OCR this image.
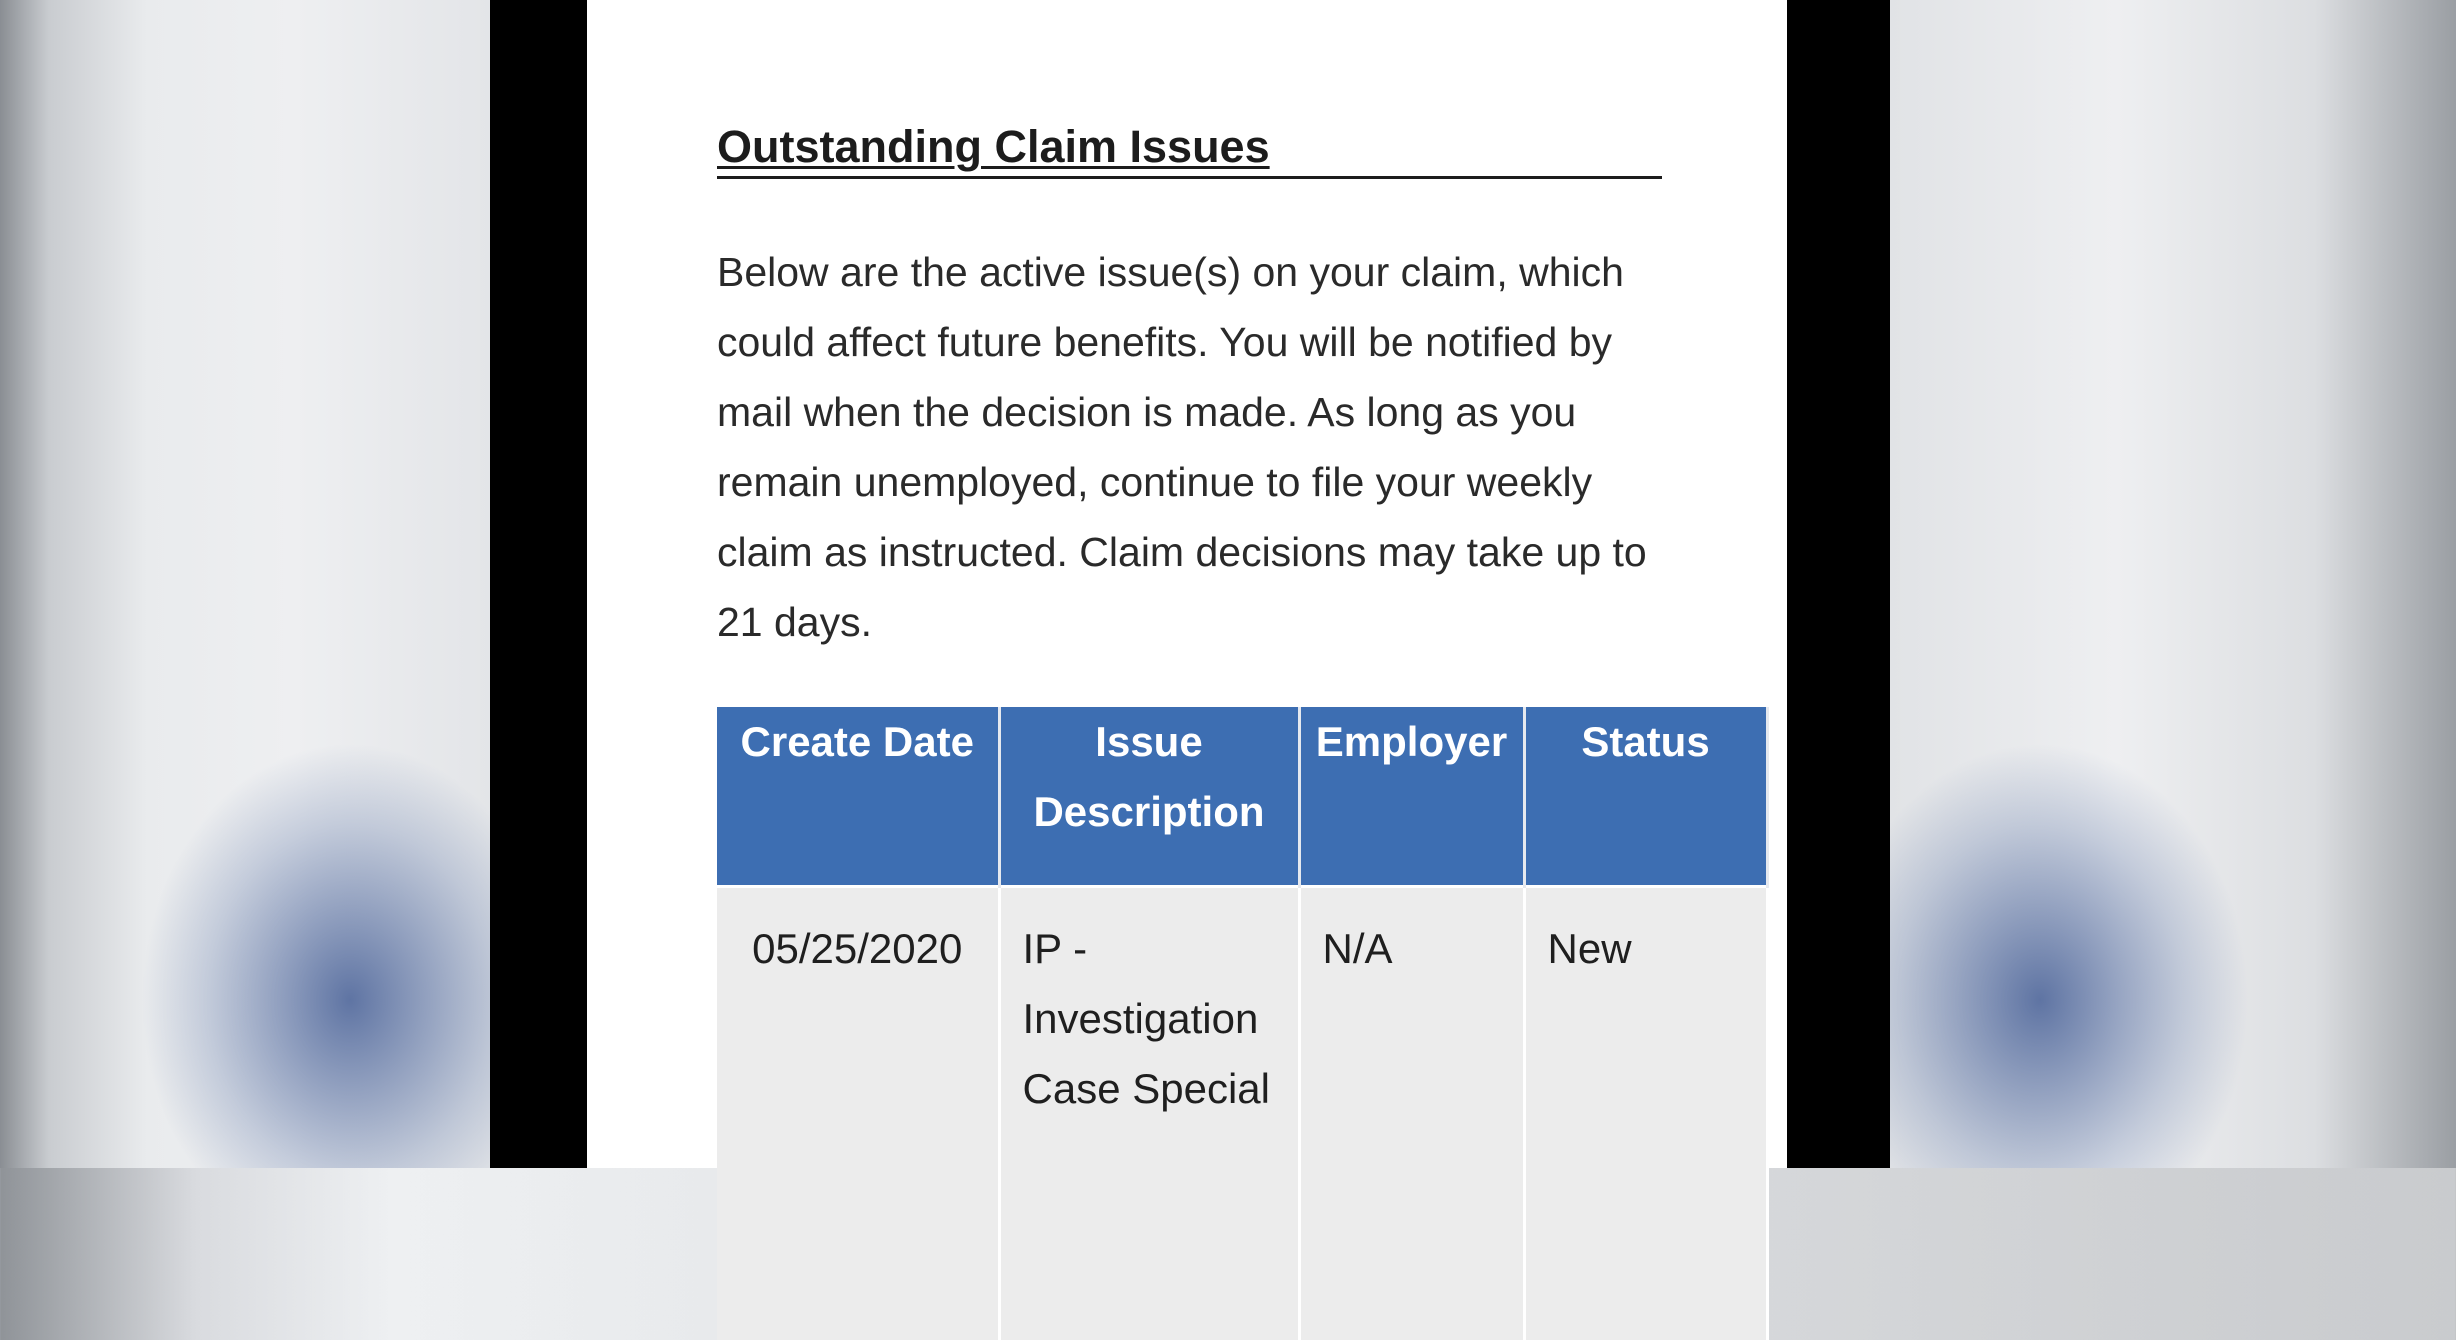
Outstanding Claim Issues
Below are the active issue(s) on your claim, which could affect future benefits. You will be notified by mail when the decision is made. As long as you remain unemployed, continue to file your weekly claim as instructed. Claim decisions may take up to 21 days.
Create Date	Issue Description	Employer	Status
05/25/2020	IP - Investigation Case Special	N/A	New
